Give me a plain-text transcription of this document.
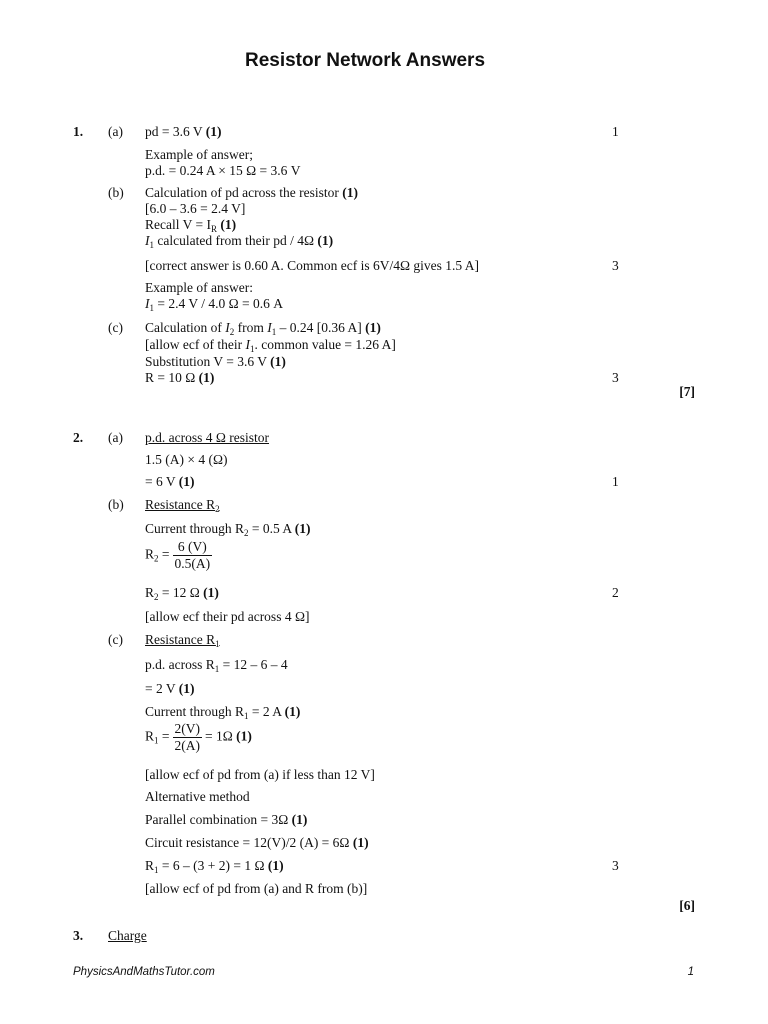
Resistor Network Answers
1. (a) pd = 3.6 V (1)	1
Example of answer;
p.d. = 0.24 A × 15 Ω = 3.6 V
(b) Calculation of pd across the resistor (1)
[6.0 – 3.6 = 2.4 V]
Recall $V = I_R$ (1)
$I_1$ calculated from their pd / 4Ω (1)
[correct answer is 0.60 A. Common ecf is 6V/4Ω gives 1.5 A]	3
Example of answer:
$I_1 = 2.4$ V / 4.0 Ω = 0.6 A
(c) Calculation of $I_2$ from $I_1 - 0.24$ [0.36 A] (1)
[allow ecf of their $I_1$. common value = 1.26 A]
Substitution V = 3.6 V (1)
R = 10 Ω (1)	3
[7]
2. (a) p.d. across 4 Ω resistor
1.5 (A) × 4 (Ω)
= 6 V (1)	1
(b) Resistance $R_2$
Current through $R_2 = 0.5$ A (1)
$R_2 = \frac{6 (V)}{0.5(A)}$
$R_2 = 12$ Ω (1)	2
[allow ecf their pd across 4 Ω]
(c) Resistance $R_1$
p.d. across $R_1 = 12 - 6 - 4$
= 2 V (1)
Current through $R_1 = 2$ A (1)
$R_1 = \frac{2(V)}{2(A)} = 1\Omega$ (1)
[allow ecf of pd from (a) if less than 12 V]
Alternative method
Parallel combination = 3Ω (1)
Circuit resistance = 12(V)/2 (A) = 6Ω (1)
$R_1 = 6 - (3 + 2) = 1$ Ω (1)	3
[allow ecf of pd from (a) and R from (b)]
[6]
3. Charge
PhysicsAndMathsTutor.com	1
